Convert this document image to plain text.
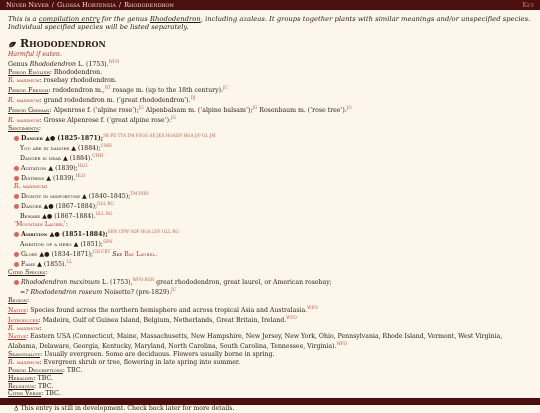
Never Never / Glossa Hortensia / Rhododendron	Key
This is a compilation entry for the genus Rhododendron, including azaleas. It groups together plants with similar meanings and/or unspecified species. Individual specified species will be listed separately.
Rhododendron
Harmful if eaten.
Genus Rhododendron L. (1753).$^{WFO}$
Period English: Rhododendron.
R. maximum: rosebay rhododendron.
Period French: rododendron m.,$^{RT}$ rosage m. (up to the 18th century).$^{JC}$
R. maximum: grand rododendron m. (‘great rhododendron’).$^{DJ}$
Period German: Alpenrose f. (‘alpine rose’);$^{JG}$ Alpenbalsam m. (‘alpine balsam’);$^{JG}$ Rosenbaum m. (‘rose tree’).$^{JG}$
R. maximum: Grosse Alpenrose f. (‘great alpine rose’).$^{JG}$
Sentiments:
Danger ▲● (1825–1871);$^{SB PE TTA TM FSGG SE JKS HGAOF HGA J/F GL JM}$
You are in danger ▲ (1884);$^{CMH}$
Danger is near ▲ (1884).$^{CMH}$
Agitation ▲ (1839);$^{HLO}$
Distress ▲ (1839).$^{HLO}$
R. maximum:
Dignity in misfortune ▲ (1840–1845);$^{TM PHO}$
Danger ▲● (1867–1884);$^{GLL RG}$
Beware ▲● (1867–1884).$^{GLL RG}$
‘Mountain Laurel’:
Ambition ▲● (1851–1884);$^{SBN CPW SOF HGA LFF GLL RG}$
Ambition of a hero ▲ (1851);$^{SBN}$
Glory ▲● (1834–1871);$^{CH CBT}$ See Bay Laurel.
Fame ▲ (1855).$^{LL}$
Cited Species:
Rhododendron maximum L. (1753),$^{WFO BGR}$ great rhododendron, great laurel, or American rosebay;
=? Rhododendron roseum Noisette? (pre-1829).$^{JC}$
Region:
Native: Species found across the northern hemisphere and across tropical Asia and Australasia.$^{WFO}$
Introduced: Madeira, Gulf of Guinea Island, Belgium, Netherlands, Great Britain, Ireland.$^{WFO}$
R. maximum:
Native: Eastern USA (Connecticut, Maine, Massachusetts, New Hampshire, New Jersey, New York, Ohio, Pennsylvania, Rhode Island, Vermont, West Virginia, Alabama, Delaware, Georgia, Kentucky, Maryland, North Carolina, South Carolina, Tennessee, Virginia).$^{WFO}$
Seasonality: Usually evergreen. Some are deciduous. Flowers usually borne in spring.
R. maximum: Evergreen shrub or tree, flowering in late spring into summer.
Period Descriptions: TBC.
Heraldry: TBC.
Religious: TBC.
Cited Verse: TBC.
♁ This entry is still in development. Check back later for more details.
